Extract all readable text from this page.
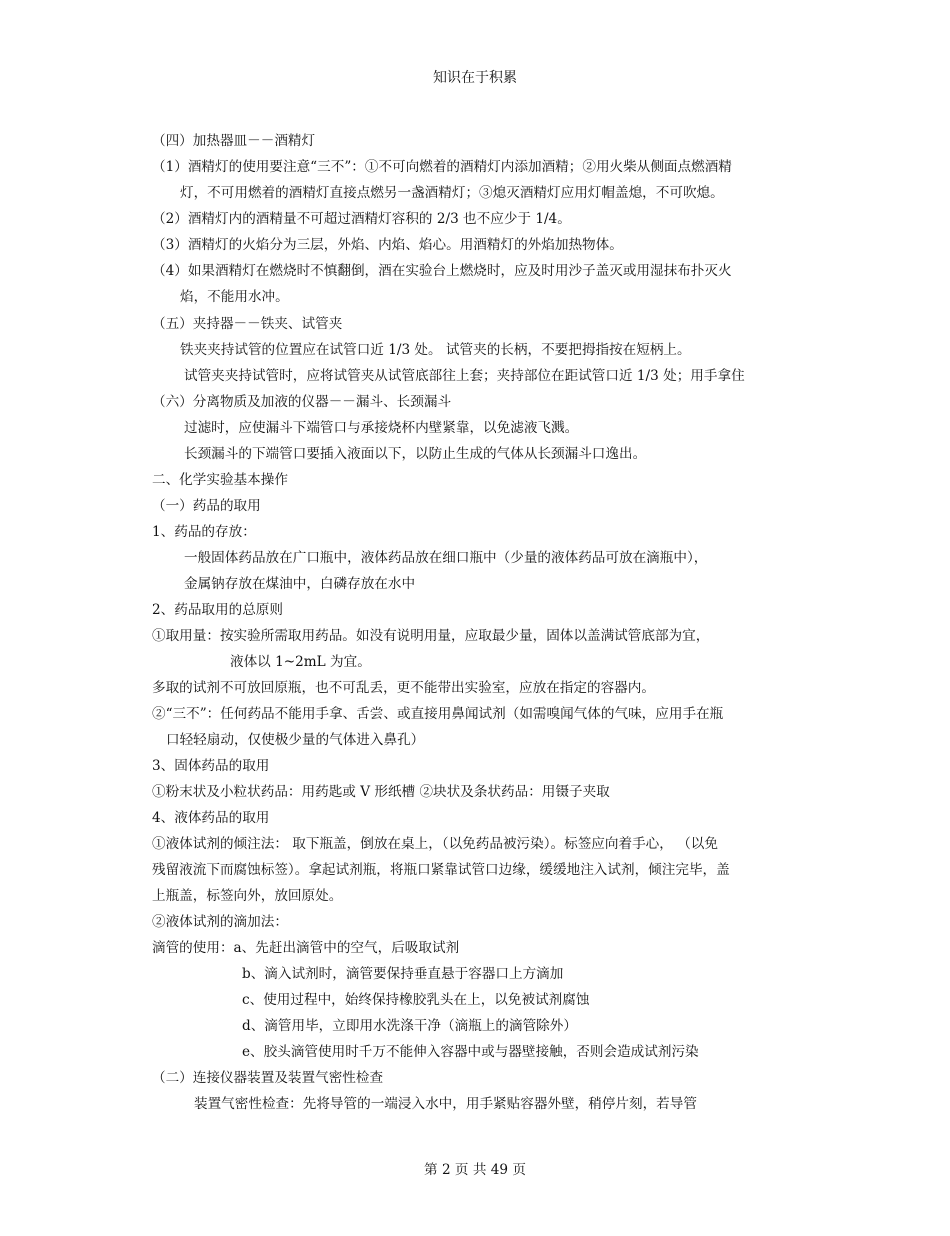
知识在于积累
（四）加热器皿－－酒精灯
（1）酒精灯的使用要注意“三不”：①不可向燃着的酒精灯内添加酒精；②用火柴从侧面点燃酒精
灯，不可用燃着的酒精灯直接点燃另一盏酒精灯；③熄灭酒精灯应用灯帽盖熄，不可吹熄。
（2）酒精灯内的酒精量不可超过酒精灯容积的 2/3 也不应少于 1/4。
（3）酒精灯的火焰分为三层，外焰、内焰、焰心。用酒精灯的外焰加热物体。
（4）如果酒精灯在燃烧时不慎翻倒，酒在实验台上燃烧时，应及时用沙子盖灭或用湿抹布扑灭火
焰，不能用水冲。
（五）夹持器－－铁夹、试管夹
铁夹夹持试管的位置应在试管口近 1/3 处。 试管夹的长柄，不要把拇指按在短柄上。
试管夹夹持试管时，应将试管夹从试管底部往上套；夹持部位在距试管口近 1/3 处；用手拿住
（六）分离物质及加液的仪器－－漏斗、长颈漏斗
过滤时，应使漏斗下端管口与承接烧杯内壁紧靠，以免滤液飞溅。
长颈漏斗的下端管口要插入液面以下，以防止生成的气体从长颈漏斗口逸出。
二、化学实验基本操作
（一）药品的取用
1、药品的存放：
一般固体药品放在广口瓶中，液体药品放在细口瓶中（少量的液体药品可放在滴瓶中），
金属钠存放在煤油中，白磷存放在水中
2、药品取用的总原则
①取用量：按实验所需取用药品。如没有说明用量，应取最少量，固体以盖满试管底部为宜，
液体以 1~2mL 为宜。
多取的试剂不可放回原瓶，也不可乱丢，更不能带出实验室，应放在指定的容器内。
②“三不”：任何药品不能用手拿、舌尝、或直接用鼻闻试剂（如需嗅闻气体的气味，应用手在瓶
口轻轻扇动，仅使极少量的气体进入鼻孔）
3、固体药品的取用
①粉末状及小粒状药品：用药匙或 V 形纸槽 ②块状及条状药品：用镊子夹取
4、液体药品的取用
①液体试剂的倾注法： 取下瓶盖，倒放在桌上，（以免药品被污染）。标签应向着手心， （以免
残留液流下而腐蚀标签）。拿起试剂瓶，将瓶口紧靠试管口边缘，缓缓地注入试剂，倾注完毕，盖
上瓶盖，标签向外，放回原处。
②液体试剂的滴加法：
滴管的使用：a、先赶出滴管中的空气，后吸取试剂
b、滴入试剂时，滴管要保持垂直悬于容器口上方滴加
c、使用过程中，始终保持橡胶乳头在上，以免被试剂腐蚀
d、滴管用毕，立即用水洗涤干净（滴瓶上的滴管除外）
e、胶头滴管使用时千万不能伸入容器中或与器壁接触，否则会造成试剂污染
（二）连接仪器装置及装置气密性检查
装置气密性检查：先将导管的一端浸入水中，用手紧贴容器外壁，稍停片刻，若导管
第 2 页 共 49 页
